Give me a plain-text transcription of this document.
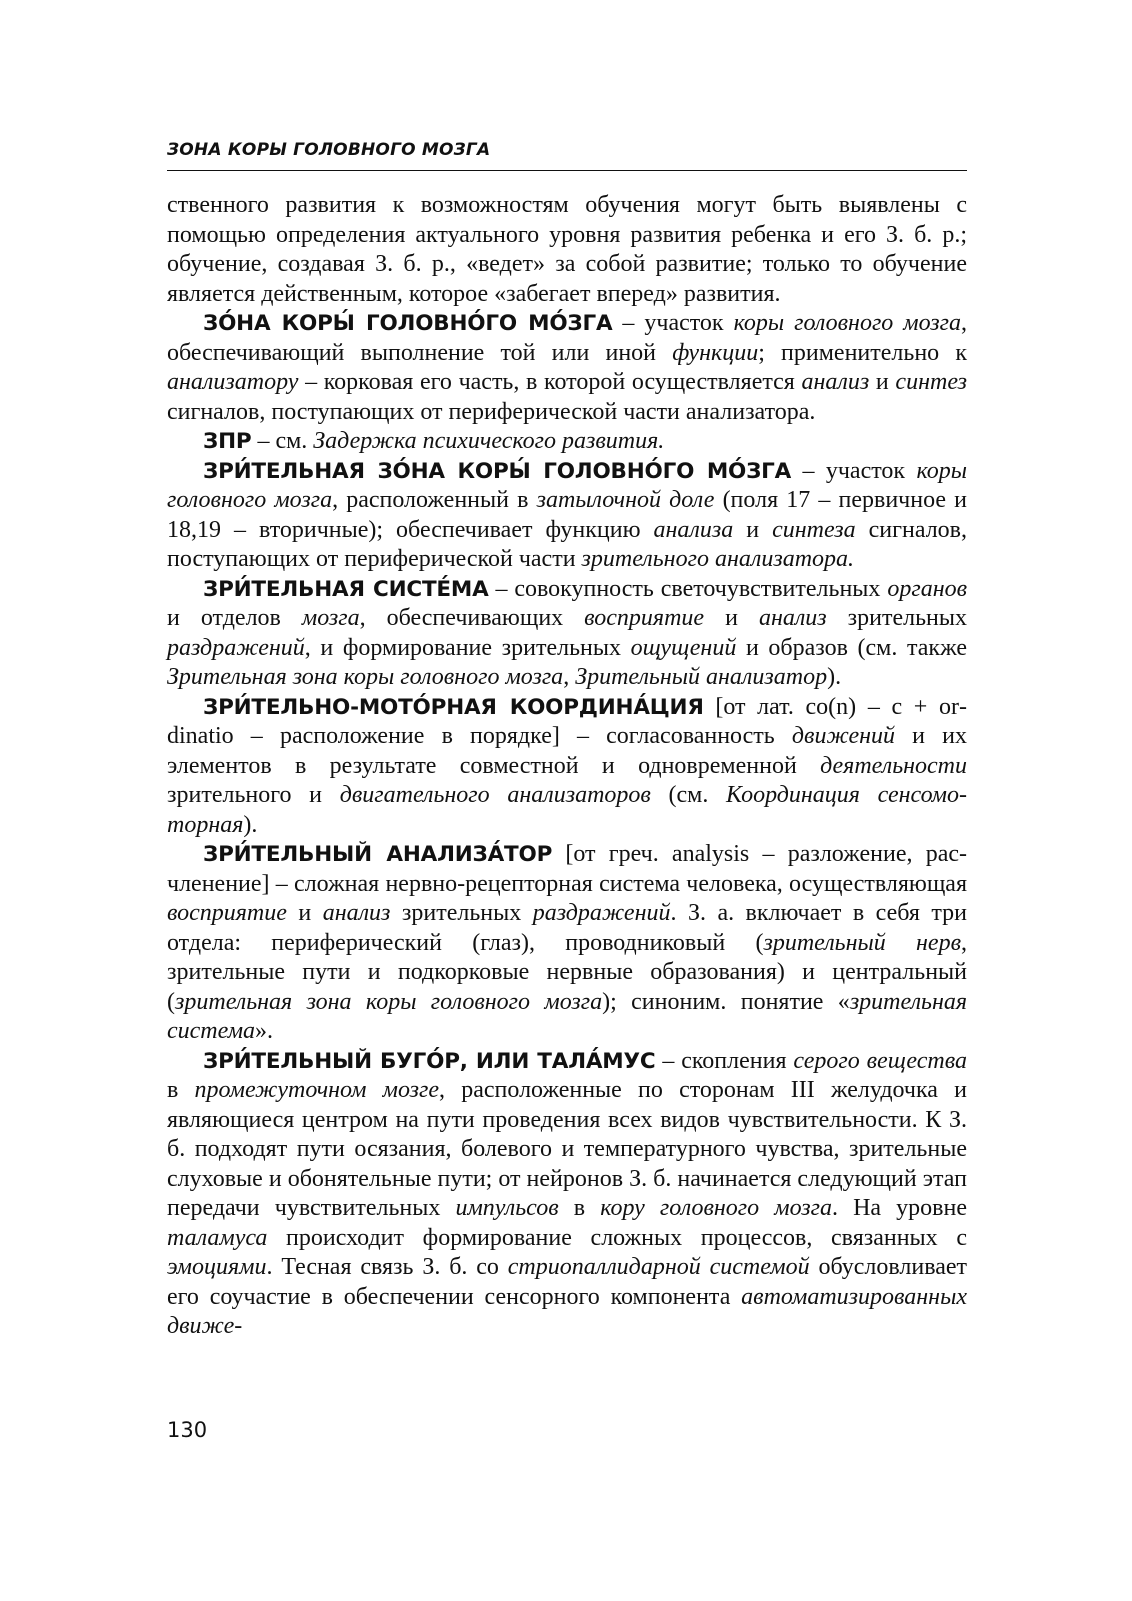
ЗОНА КОРЫ ГОЛОВНОГО МОЗГА

ственного развития к возможностям обучения могут быть выявлены с помощью определения актуального уровня развития ребенка и его З. б. р.; обучение, создавая З. б. р., «ведет» за собой развитие; только то обучение является действенным, которое «забегает вперед» развития.

ЗО́НА КОРЫ́ ГОЛОВНО́ГО МО́ЗГА – участок коры головного мозга, обеспечивающий выполнение той или иной функции; применительно к анализатору – корковая его часть, в которой осуществляется анализ и синтез сигналов, поступающих от периферической части анализатора.

ЗПР – см. Задержка психического развития.

ЗРИ́ТЕЛЬНАЯ ЗО́НА КОРЫ́ ГОЛОВНО́ГО МО́ЗГА – участок коры головного мозга, расположенный в затылочной доле (поля 17 – первичное и 18,19 – вторичные); обеспечивает функцию анализа и синтеза сигналов, поступающих от периферической части зрительного анализатора.

ЗРИ́ТЕЛЬНАЯ СИСТЕ́МА – совокупность светочувствительных органов и отделов мозга, обеспечивающих восприятие и анализ зрительных раздражений, и формирование зрительных ощущений и образов (см. также Зрительная зона коры головного мозга, Зрительный анализатор).

ЗРИ́ТЕЛЬНО-МОТО́РНАЯ КООРДИНА́ЦИЯ [от лат. co(n) – с + ordinatio – расположение в порядке] – согласованность движений и их элементов в результате совместной и одновременной деятельности зрительного и двигательного анализаторов (см. Координация сенсомоторная).

ЗРИ́ТЕЛЬНЫЙ АНАЛИЗА́ТОР [от греч. analysis – разложение, расчленение] – сложная нервно-рецепторная система человека, осуществляющая восприятие и анализ зрительных раздражений. З. а. включает в себя три отдела: периферический (глаз), проводниковый (зрительный нерв, зрительные пути и подкорковые нервные образования) и центральный (зрительная зона коры головного мозга); синоним. понятие «зрительная система».

ЗРИ́ТЕЛЬНЫЙ БУГО́Р, ИЛИ ТАЛА́МУС – скопления серого вещества в промежуточном мозге, расположенные по сторонам III желудочка и являющиеся центром на пути проведения всех видов чувствительности. К З. б. подходят пути осязания, болевого и температурного чувства, зрительные слуховые и обонятельные пути; от нейронов З. б. начинается следующий этап передачи чувствительных импульсов в кору головного мозга. На уровне таламуса происходит формирование сложных процессов, связанных с эмоциями. Тесная связь З. б. со стриопаллидарной системой обусловливает его соучастие в обеспечении сенсорного компонента автоматизированных движе-

130
